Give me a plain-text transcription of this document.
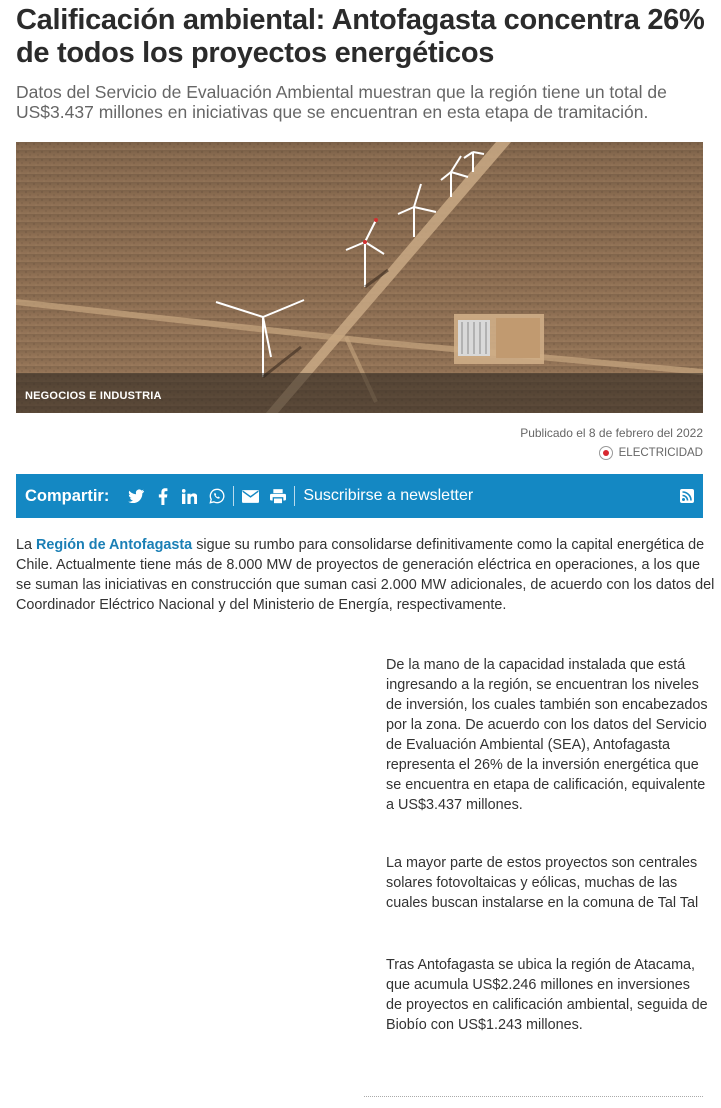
Calificación ambiental: Antofagasta concentra 26% de todos los proyectos energéticos

Datos del Servicio de Evaluación Ambiental muestran que la región tiene un total de US$3.437 millones en iniciativas que se encuentran en esta etapa de tramitación.

NEGOCIOS E INDUSTRIA
Publicado el 8 de febrero del 2022
ELECTRICIDAD
Compartir:	Suscribirse a newsletter

La Región de Antofagasta sigue su rumbo para consolidarse definitivamente como la capital energética de Chile. Actualmente tiene más de 8.000 MW de proyectos de generación eléctrica en operaciones, a los que se suman las iniciativas en construcción que suman casi 2.000 MW adicionales, de acuerdo con los datos del Coordinador Eléctrico Nacional y del Ministerio de Energía, respectivamente.

De la mano de la capacidad instalada que está ingresando a la región, se encuentran los niveles de inversión, los cuales también son encabezados por la zona. De acuerdo con los datos del Servicio de Evaluación Ambiental (SEA), Antofagasta representa el 26% de la inversión energética que se encuentra en etapa de calificación, equivalente a US$3.437 millones.

La mayor parte de estos proyectos son centrales solares fotovoltaicas y eólicas, muchas de las cuales buscan instalarse en la comuna de Tal Tal

Tras Antofagasta se ubica la región de Atacama, que acumula US$2.246 millones en inversiones de proyectos en calificación ambiental, seguida de Biobío con US$1.243 millones.
